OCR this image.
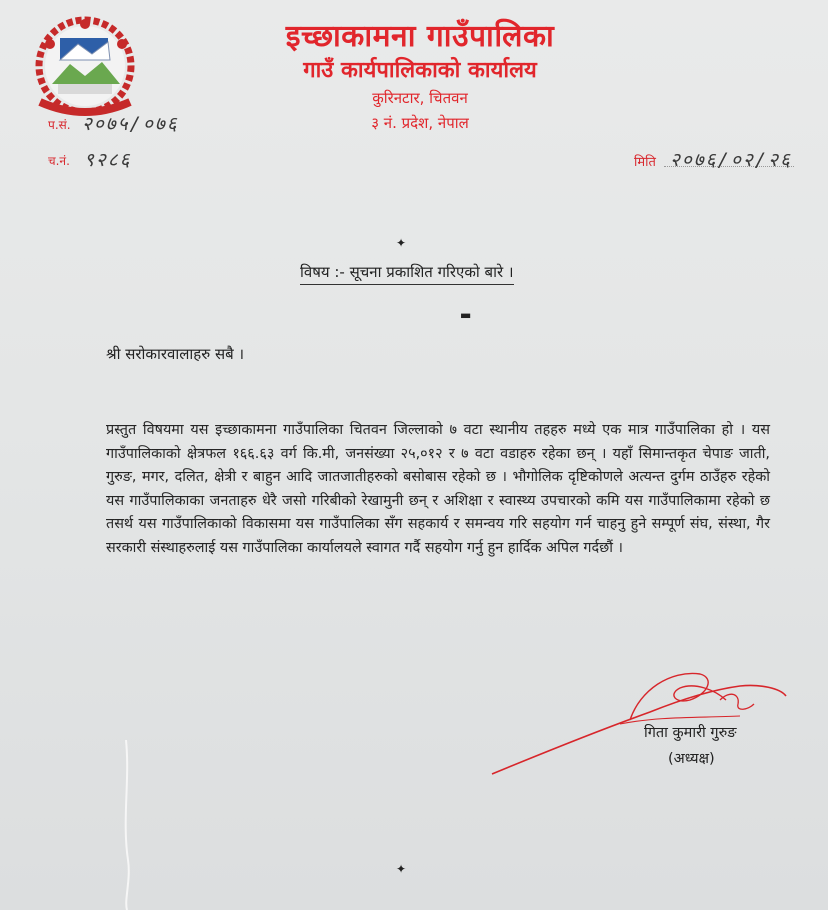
इच्छाकामना गाउँपालिका
गाउँ कार्यपालिकाको कार्यालय
कुरिनटार, चितवन
३ नं. प्रदेश, नेपाल
प.सं. २०७५/०७६
च.नं. ९२८६	मिति २०७६/०२/२६
विषय :- सूचना प्रकाशित गरिएको बारे ।
श्री सरोकारवालाहरु सबै ।
प्रस्तुत विषयमा यस इच्छाकामना गाउँपालिका चितवन जिल्लाको ७ वटा स्थानीय तहहरु मध्ये एक मात्र गाउँपालिका हो । यस गाउँपालिकाको क्षेत्रफल १६६.६३ वर्ग कि.मी, जनसंख्या २५,०१२ र ७ वटा वडाहरु रहेका छन् । यहाँ सिमान्तकृत चेपाङ जाती, गुरुङ, मगर, दलित, क्षेत्री र बाहुन आदि जातजातीहरुको बसोबास रहेको छ । भौगोलिक दृष्टिकोणले अत्यन्त दुर्गम ठाउँहरु रहेको यस गाउँपालिकाका जनताहरु धेरै जसो गरिबीको रेखामुनी छन् र अशिक्षा र स्वास्थ्य उपचारको कमि यस गाउँपालिकामा रहेको छ तसर्थ यस गाउँपालिकाको विकासमा यस गाउँपालिका सँग सहकार्य र समन्वय गरि सहयोग गर्न चाहनु हुने सम्पूर्ण संघ, संस्था, गैर सरकारी संस्थाहरुलाई यस गाउँपालिका कार्यालयले स्वागत गर्दै सहयोग गर्नु हुन हार्दिक अपिल गर्दछौं ।
गिता कुमारी गुरुङ
(अध्यक्ष)
✦
✦
▬
